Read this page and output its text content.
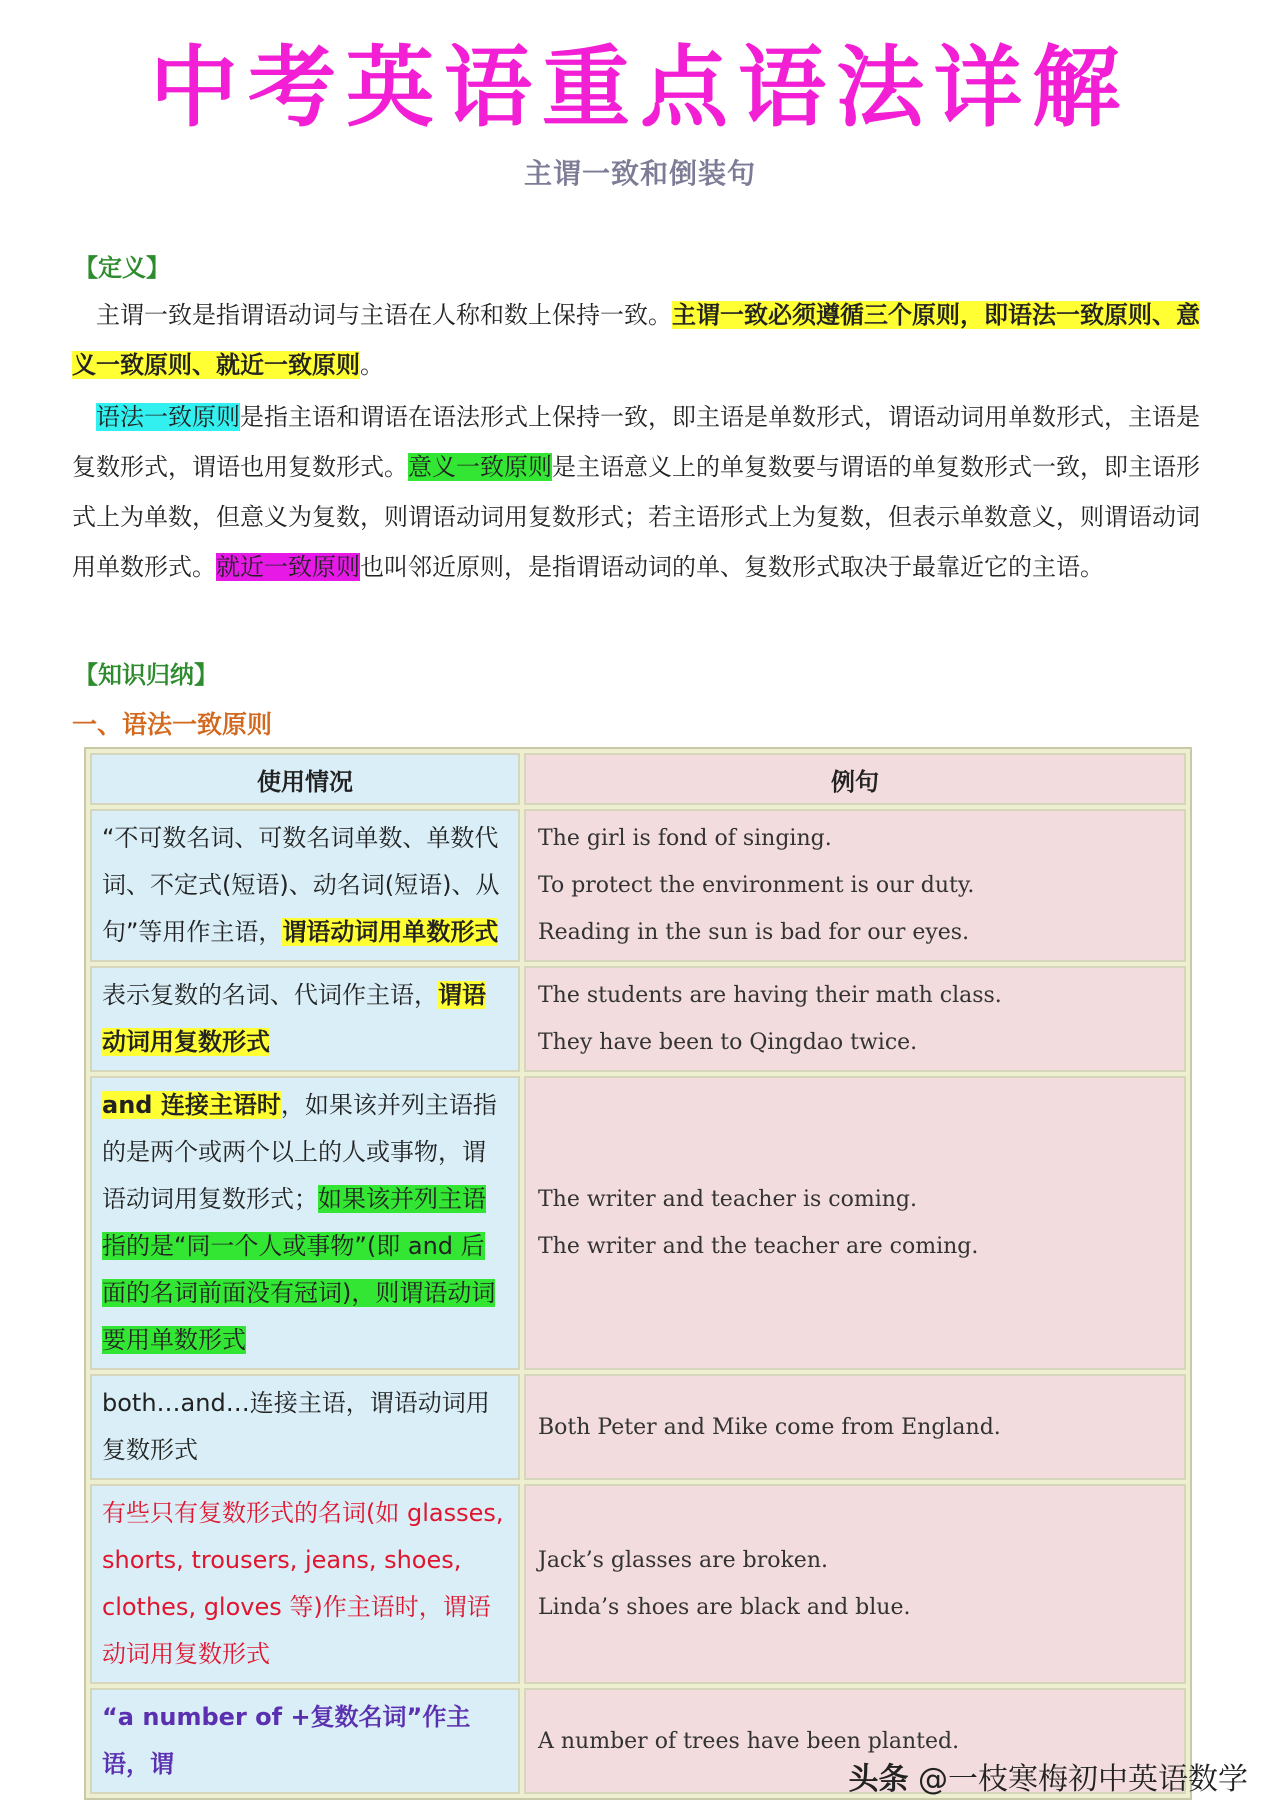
中考英语重点语法详解
主谓一致和倒装句
【定义】
主谓一致是指谓语动词与主语在人称和数上保持一致。主谓一致必须遵循三个原则，即语法一致原则、意义一致原则、就近一致原则。
语法一致原则是指主语和谓语在语法形式上保持一致，即主语是单数形式，谓语动词用单数形式，主语是复数形式，谓语也用复数形式。意义一致原则是主语意义上的单复数要与谓语的单复数形式一致，即主语形式上为单数，但意义为复数，则谓语动词用复数形式；若主语形式上为复数，但表示单数意义，则谓语动词用单数形式。就近一致原则也叫邻近原则，是指谓语动词的单、复数形式取决于最靠近它的主语。
【知识归纳】
一、语法一致原则
使用情况	例句
“不可数名词、可数名词单数、单数代词、不定式(短语)、动名词(短语)、从句”等用作主语，谓语动词用单数形式	The girl is fond of singing.
To protect the environment is our duty.
Reading in the sun is bad for our eyes.

表示复数的名词、代词作主语，谓语动词用复数形式	The students are having their math class.
They have been to Qingdao twice.

and 连接主语时，如果该并列主语指的是两个或两个以上的人或事物，谓语动词用复数形式；如果该并列主语指的是“同一个人或事物”(即 and 后面的名词前面没有冠词)，则谓语动词要用单数形式	The writer and teacher is coming.
The writer and the teacher are coming.

both…and…连接主语，谓语动词用复数形式	Both Peter and Mike come from England.

有些只有复数形式的名词(如 glasses, shorts, trousers, jeans, shoes, clothes, gloves 等)作主语时，谓语动词用复数形式	Jack’s glasses are broken.
Linda’s shoes are black and blue.

“a number of +复数名词”作主语，谓	A number of trees have been planted.
头条 @一枝寒梅初中英语数学
